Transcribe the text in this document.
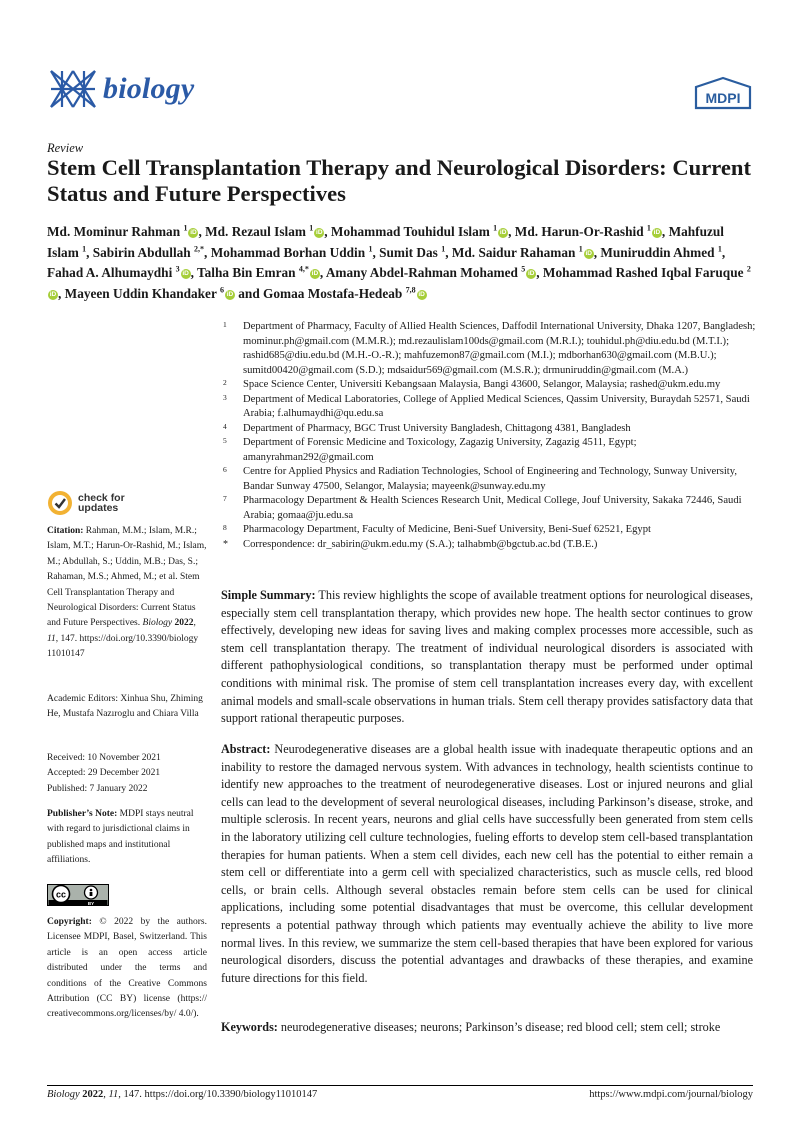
biology	MDPI
Review
Stem Cell Transplantation Therapy and Neurological Disorders: Current Status and Future Perspectives
Md. Mominur Rahman $^1$ iD , Md. Rezaul Islam $^1$ iD , Mohammad Touhidul Islam $^1$ iD , Md. Harun-Or-Rashid $^1$ iD , Mahfuzul Islam $^1$, Sabirin Abdullah $^{2,*}$, Mohammad Borhan Uddin $^1$, Sumit Das $^1$, Md. Saidur Rahaman $^1$ iD , Muniruddin Ahmed $^1$, Fahad A. Alhumaydhi $^3$ iD , Talha Bin Emran $^{4,*}$ iD , Amany Abdel-Rahman Mohamed $^5$ iD , Mohammad Rashed Iqbal Faruque $^2$iD , Mayeen Uddin Khandaker $^6$ iD and Gomaa Mostafa-Hedeab $^{7,8}$ iD
1 Department of Pharmacy, Faculty of Allied Health Sciences, Daffodil International University, Dhaka 1207, Bangladesh; mominur.ph@gmail.com (M.M.R.); md.rezaulislam100ds@gmail.com (M.R.I.); touhidul.ph@diu.edu.bd (M.T.I.); rashid685@diu.edu.bd (M.H.-O.-R.); mahfuzemon87@gmail.com (M.I.); mdborhan630@gmail.com (M.B.U.); sumitd00420@gmail.com (S.D.); mdsaidur569@gmail.com (M.S.R.); drmuniruddin@gmail.com (M.A.)
2 Space Science Center, Universiti Kebangsaan Malaysia, Bangi 43600, Selangor, Malaysia; rashed@ukm.edu.my
3 Department of Medical Laboratories, College of Applied Medical Sciences, Qassim University, Buraydah 52571, Saudi Arabia; f.alhumaydhi@qu.edu.sa
4 Department of Pharmacy, BGC Trust University Bangladesh, Chittagong 4381, Bangladesh
5 Department of Forensic Medicine and Toxicology, Zagazig University, Zagazig 4511, Egypt; amanyrahman292@gmail.com
6 Centre for Applied Physics and Radiation Technologies, School of Engineering and Technology, Sunway University, Bandar Sunway 47500, Selangor, Malaysia; mayeenk@sunway.edu.my
7 Pharmacology Department & Health Sciences Research Unit, Medical College, Jouf University, Sakaka 72446, Saudi Arabia; gomaa@ju.edu.sa
8 Pharmacology Department, Faculty of Medicine, Beni-Suef University, Beni-Suef 62521, Egypt
* Correspondence: dr_sabirin@ukm.edu.my (S.A.); talhabmb@bgctub.ac.bd (T.B.E.)
check for
updates
Citation: Rahman, M.M.; Islam, M.R.; Islam, M.T.; Harun-Or-Rashid, M.; Islam, M.; Abdullah, S.; Uddin, M.B.; Das, S.; Rahaman, M.S.; Ahmed, M.; et al. Stem Cell Transplantation Therapy and Neurological Disorders: Current Status and Future Perspectives. Biology 2022, 11, 147. https://doi.org/10.3390/biology 11010147
Academic Editors: Xinhua Shu, Zhiming He, Mustafa Nazıroglu and Chiara Villa
Received: 10 November 2021
Accepted: 29 December 2021
Published: 7 January 2022
Publisher’s Note: MDPI stays neutral with regard to jurisdictional claims in published maps and institutional affiliations.
cc
BY
Copyright: © 2022 by the authors. Licensee MDPI, Basel, Switzerland. This article is an open access article distributed under the terms and conditions of the Creative Commons Attribution (CC BY) license (https:// creativecommons.org/licenses/by/ 4.0/).

Simple Summary: This review highlights the scope of available treatment options for neurological diseases, especially stem cell transplantation therapy, which provides new hope. The health sector continues to grow effectively, developing new ideas for saving lives and making complex processes more accessible, such as stem cell transplantation therapy. The treatment of individual neurological disorders is associated with different pathophysiological conditions, so transplantation therapy must be performed under optimal conditions with minimal risk. The promise of stem cell transplantation increases every day, with excellent animal models and small-scale observations in human trials. Stem cell therapy provides satisfactory data that support rational therapeutic purposes.

Abstract: Neurodegenerative diseases are a global health issue with inadequate therapeutic options and an inability to restore the damaged nervous system. With advances in technology, health scientists continue to identify new approaches to the treatment of neurodegenerative diseases. Lost or injured neurons and glial cells can lead to the development of several neurological diseases, including Parkinson’s disease, stroke, and multiple sclerosis. In recent years, neurons and glial cells have successfully been generated from stem cells in the laboratory utilizing cell culture technologies, fueling efforts to develop stem cell-based transplantation therapies for human patients. When a stem cell divides, each new cell has the potential to either remain a stem cell or differentiate into a germ cell with specialized characteristics, such as muscle cells, red blood cells, or brain cells. Although several obstacles remain before stem cells can be used for clinical applications, including some potential disadvantages that must be overcome, this cellular development represents a potential pathway through which patients may eventually achieve the ability to live more normal lives. In this review, we summarize the stem cell-based therapies that have been explored for various neurological disorders, discuss the potential advantages and drawbacks of these therapies, and examine future directions for this field.

Keywords: neurodegenerative diseases; neurons; Parkinson’s disease; red blood cell; stem cell; stroke

Biology 2022, 11, 147. https://doi.org/10.3390/biology11010147	https://www.mdpi.com/journal/biology
